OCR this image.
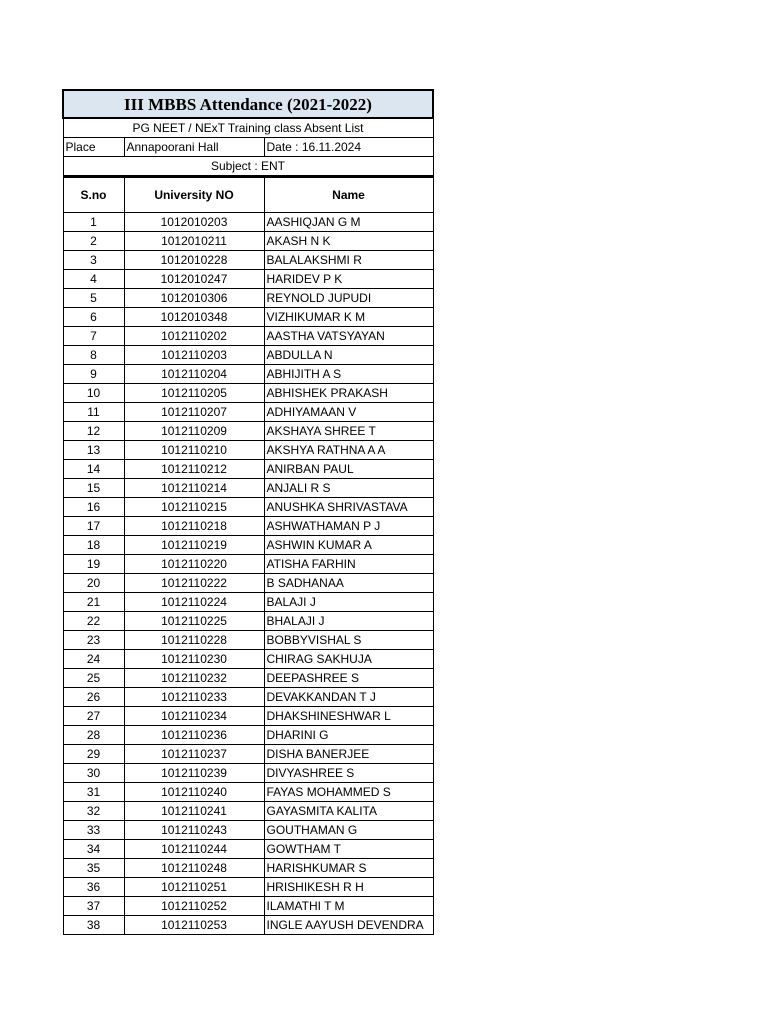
III MBBS Attendance (2021-2022)		
PG NEET / NExT Training class Absent List		
Place	Annapoorani Hall	Date : 16.11.2024
Subject : ENT		
S.no	University NO	Name
1	1012010203	AASHIQJAN G M
2	1012010211	AKASH N K
3	1012010228	BALALAKSHMI R
4	1012010247	HARIDEV P K
5	1012010306	REYNOLD JUPUDI
6	1012010348	VIZHIKUMAR K M
7	1012110202	AASTHA VATSYAYAN
8	1012110203	ABDULLA N
9	1012110204	ABHIJITH A S
10	1012110205	ABHISHEK PRAKASH
11	1012110207	ADHIYAMAAN V
12	1012110209	AKSHAYA SHREE T
13	1012110210	AKSHYA RATHNA A A
14	1012110212	ANIRBAN PAUL
15	1012110214	ANJALI R S
16	1012110215	ANUSHKA SHRIVASTAVA
17	1012110218	ASHWATHAMAN P J
18	1012110219	ASHWIN KUMAR A
19	1012110220	ATISHA FARHIN
20	1012110222	B SADHANAA
21	1012110224	BALAJI J
22	1012110225	BHALAJI J
23	1012110228	BOBBYVISHAL S
24	1012110230	CHIRAG SAKHUJA
25	1012110232	DEEPASHREE S
26	1012110233	DEVAKKANDAN T J
27	1012110234	DHAKSHINESHWAR L
28	1012110236	DHARINI G
29	1012110237	DISHA BANERJEE
30	1012110239	DIVYASHREE S
31	1012110240	FAYAS MOHAMMED S
32	1012110241	GAYASMITA KALITA
33	1012110243	GOUTHAMAN G
34	1012110244	GOWTHAM T
35	1012110248	HARISHKUMAR S
36	1012110251	HRISHIKESH R H
37	1012110252	ILAMATHI T M
38	1012110253	INGLE AAYUSH DEVENDRA
